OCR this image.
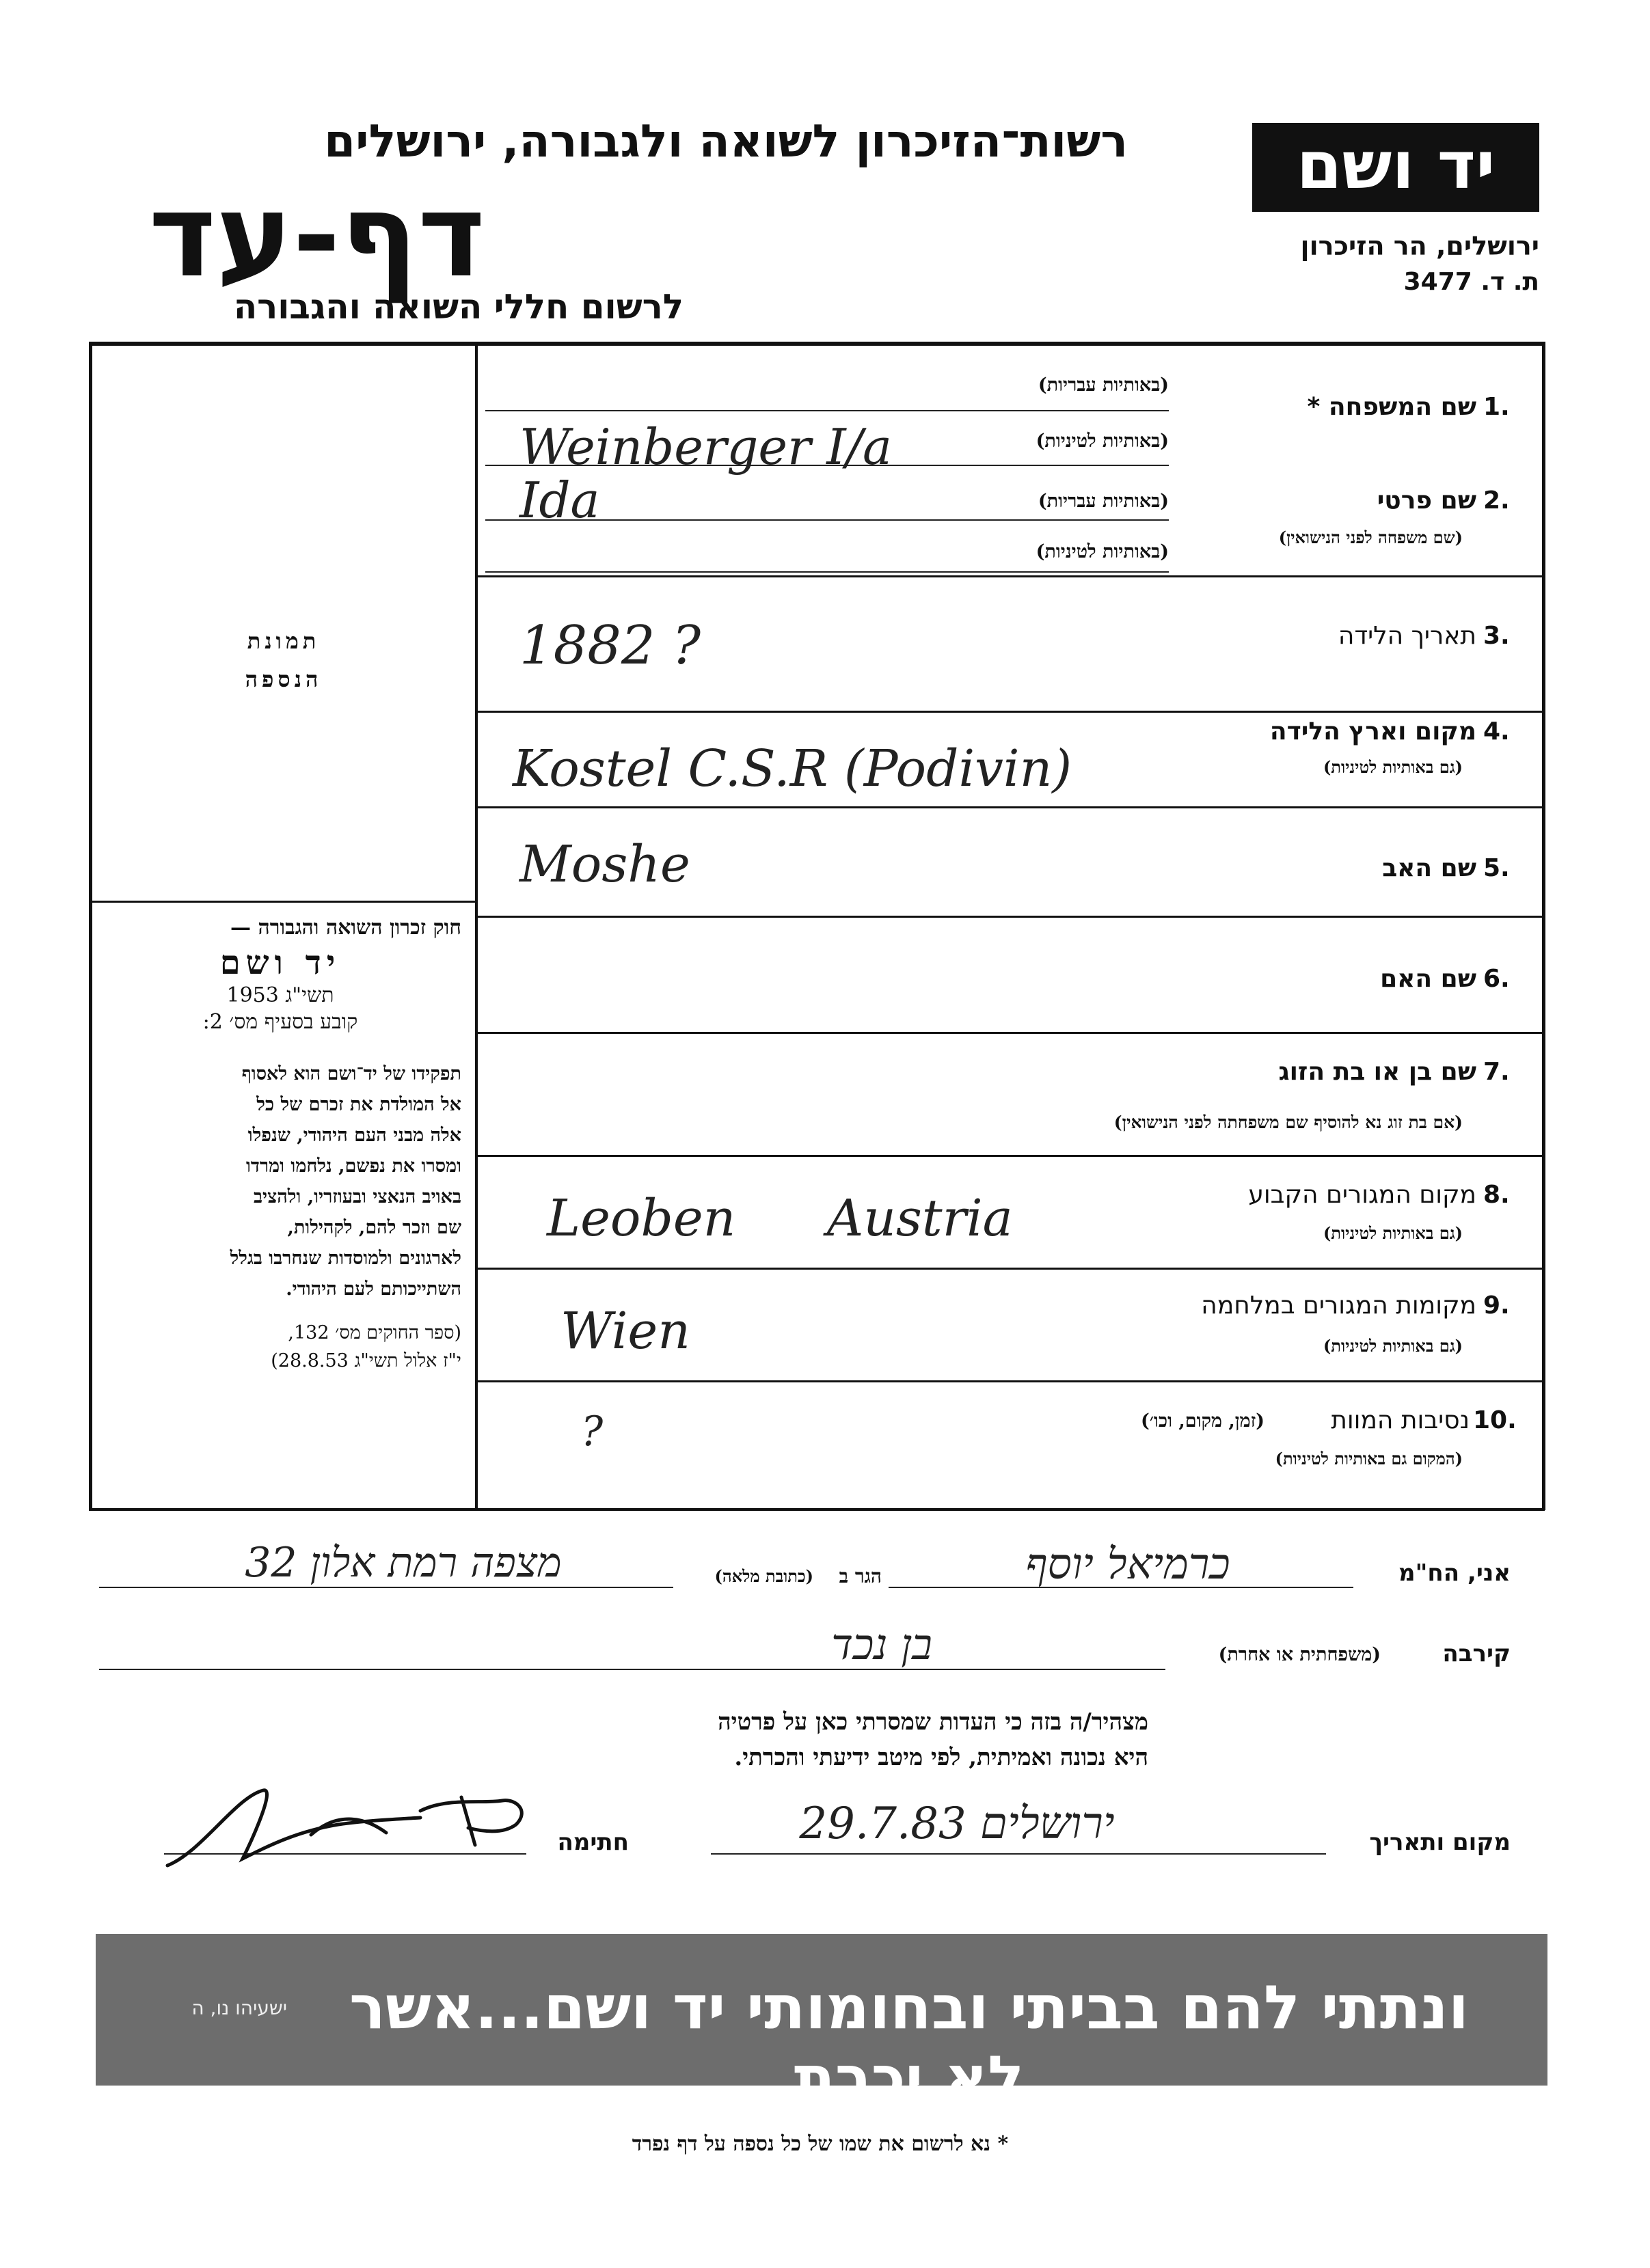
רשות־הזיכרון לשואה ולגבורה, ירושלים
דף-עד
לרשום חללי השואה והגבורה
יד ושם
ירושלים, הר הזיכרון
ת. ד. 3477
תמונת
הנספה
חוק זכרון השואה והגבורה —
יד ושם
תשי"ג 1953
קובע בסעיף מס׳ 2:
תפקידו של יד־ושם הוא לאסוף
אל המולדת את זכרם של כל
אלה מבני העם היהודי, שנפלו
ומסרו את נפשם, נלחמו ומרדו
באויב הנאצי ובעוזריו, ולהציב
שם וזכר להם, לקהילות,
לארגונים ולמוסדות שנחרבו בגלל
השתייכותם לעם היהודי.
(ספר החוקים מס׳ 132,
י"ז אלול תשי"ג 28.8.53)
1.
שם המשפחה *
(באותיות עבריות)
(באותיות לטיניות)
Weinberger I/a
2.
שם פרטי
(שם משפחה לפני הנישואין)
(באותיות עבריות)
(באותיות לטיניות)
Ida
3.
תאריך הלידה
1882 ?
4.
מקום וארץ הלידה
(גם באותיות לטיניות)
Kostel C.S.R (Podivin)
5.
שם האב
Moshe
6.
שם האם
7.
שם בן או בת הזוג
(אם בת זוג נא להוסיף שם משפחתה לפני הנישואין)
8.
מקום המגורים הקבוע
(גם באותיות לטיניות)
Leoben Austria
9.
מקומות המגורים במלחמה
(גם באותיות לטיניות)
Wien
10.
נסיבות המוות
(זמן, מקום, וכו׳)
(המקום גם באותיות לטיניות)
?
אני, הח"מ
כרמיאל יוסף
הגר ב
(כתובת מלאה)
מצפה רמת אלון 32
קירבה
(משפחתית או אחרת)
בן נכד
מצהיר/ה בזה כי העדות שמסרתי כאן על פרטיה
היא נכונה ואמיתית, לפי מיטב ידיעתי והכרתי.
מקום ותאריך
ירושלים 29.7.83
חתימה
ונתתי להם בביתי ובחומותי יד ושם...אשר לא יכרת
ישעיהו נו, ה
* נא לרשום את שמו של כל נספה על דף נפרד
